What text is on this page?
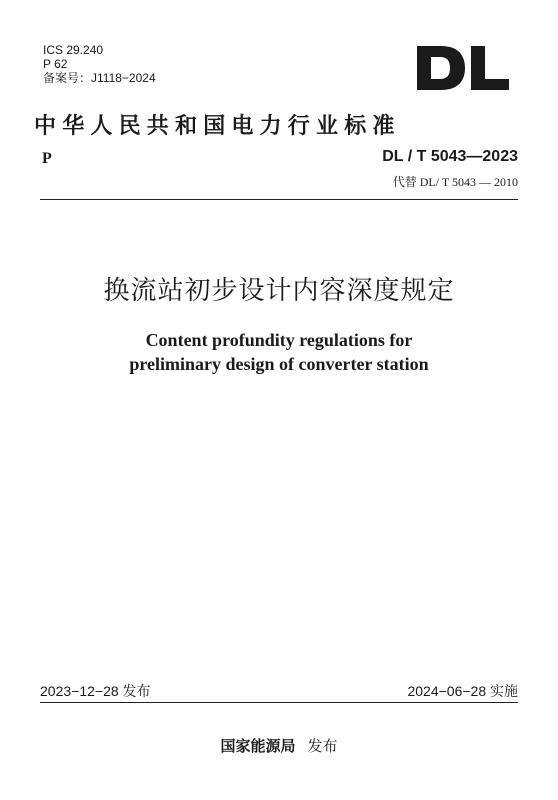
ICS 29.240
P 62
备案号：J1118−2024
中华人民共和国电力行业标准
P	DL / T 5043—2023
代替 DL/ T 5043 — 2010
换流站初步设计内容深度规定
Content profundity regulations for
preliminary design of converter station
2023−12−28 发布	2024−06−28 实施
国家能源局 发布
